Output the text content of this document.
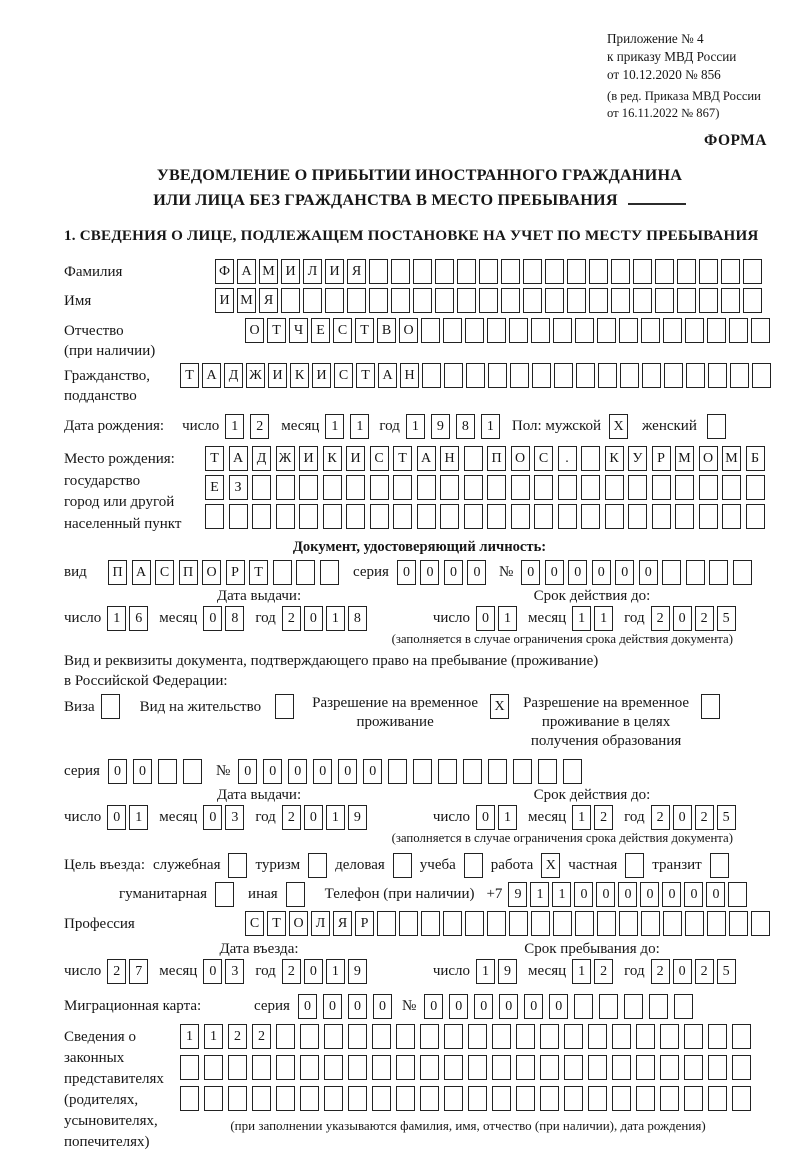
Приложение № 4
к приказу МВД России
от 10.12.2020 № 856
(в ред. Приказа МВД России
от 16.11.2022 № 867)
ФОРМА
УВЕДОМЛЕНИЕ О ПРИБЫТИИ ИНОСТРАННОГО ГРАЖДАНИНА
ИЛИ ЛИЦА БЕЗ ГРАЖДАНСТВА В МЕСТО ПРЕБЫВАНИЯ
1. СВЕДЕНИЯ О ЛИЦЕ, ПОДЛЕЖАЩЕМ ПОСТАНОВКЕ НА УЧЕТ ПО МЕСТУ ПРЕБЫВАНИЯ
Фамилия	Ф А М И Л И Я
Имя	И М Я
Отчество
(при наличии)
О Т Ч Е С Т В О
Гражданство,
подданство
Т А Д Ж И К И С Т А Н
Дата рождения: число 1	2	месяц 1	1	год 1	9	8	1	Пол: мужской X женский
Место рождения:
государство
город или другой
населенный пункт
Т	А Д Ж И К И С	Т	А Н	П О С	.	К У	Р М О М Б
Е	З
Документ, удостоверяющий личность:
вид	П А С П О	Р	Т	серия	0	0	0	0	№	0	0	0	0	0	0
Дата выдачи:	Срок действия до:
число 1	6	месяц 0	8	год 2	0	1	8	число 0	1	месяц 1	1	год 2	0	2	5
(заполняется в случае ограничения срока действия документа)
Вид и реквизиты документа, подтверждающего право на пребывание (проживание)
в Российской Федерации:
Виза	Вид на жительство	Разрешение на временное
проживание
X Разрешение на временное
проживание в целях
получения образования
серия	0	0	№	0	0	0	0	0	0
Дата выдачи:	Срок действия до:
число 0	1	месяц 0	3	год 2	0	1	9	число 0	1	месяц 1	2	год 2	0	2	5
(заполняется в случае ограничения срока действия документа)
Цель въезда: служебная туризм деловая учеба работа X частная транзит
гуманитарная	иная	Телефон (при наличии) +7 9	1	1	0	0	0	0	0	0	0
Профессия	С Т О Л Я Р
Дата въезда:	Срок пребывания до:
число 2	7	месяц 0	3	год 2	0	1	9	число 1	9	месяц 1	2	год 2	0	2	5
Миграционная карта:	серия	0	0	0	0	№	0	0	0	0	0	0
Сведения о
законных
представителях
(родителях,
усыновителях,
попечителях)
1	1	2	2
(при заполнении указываются фамилия, имя, отчество (при наличии), дата рождения)
